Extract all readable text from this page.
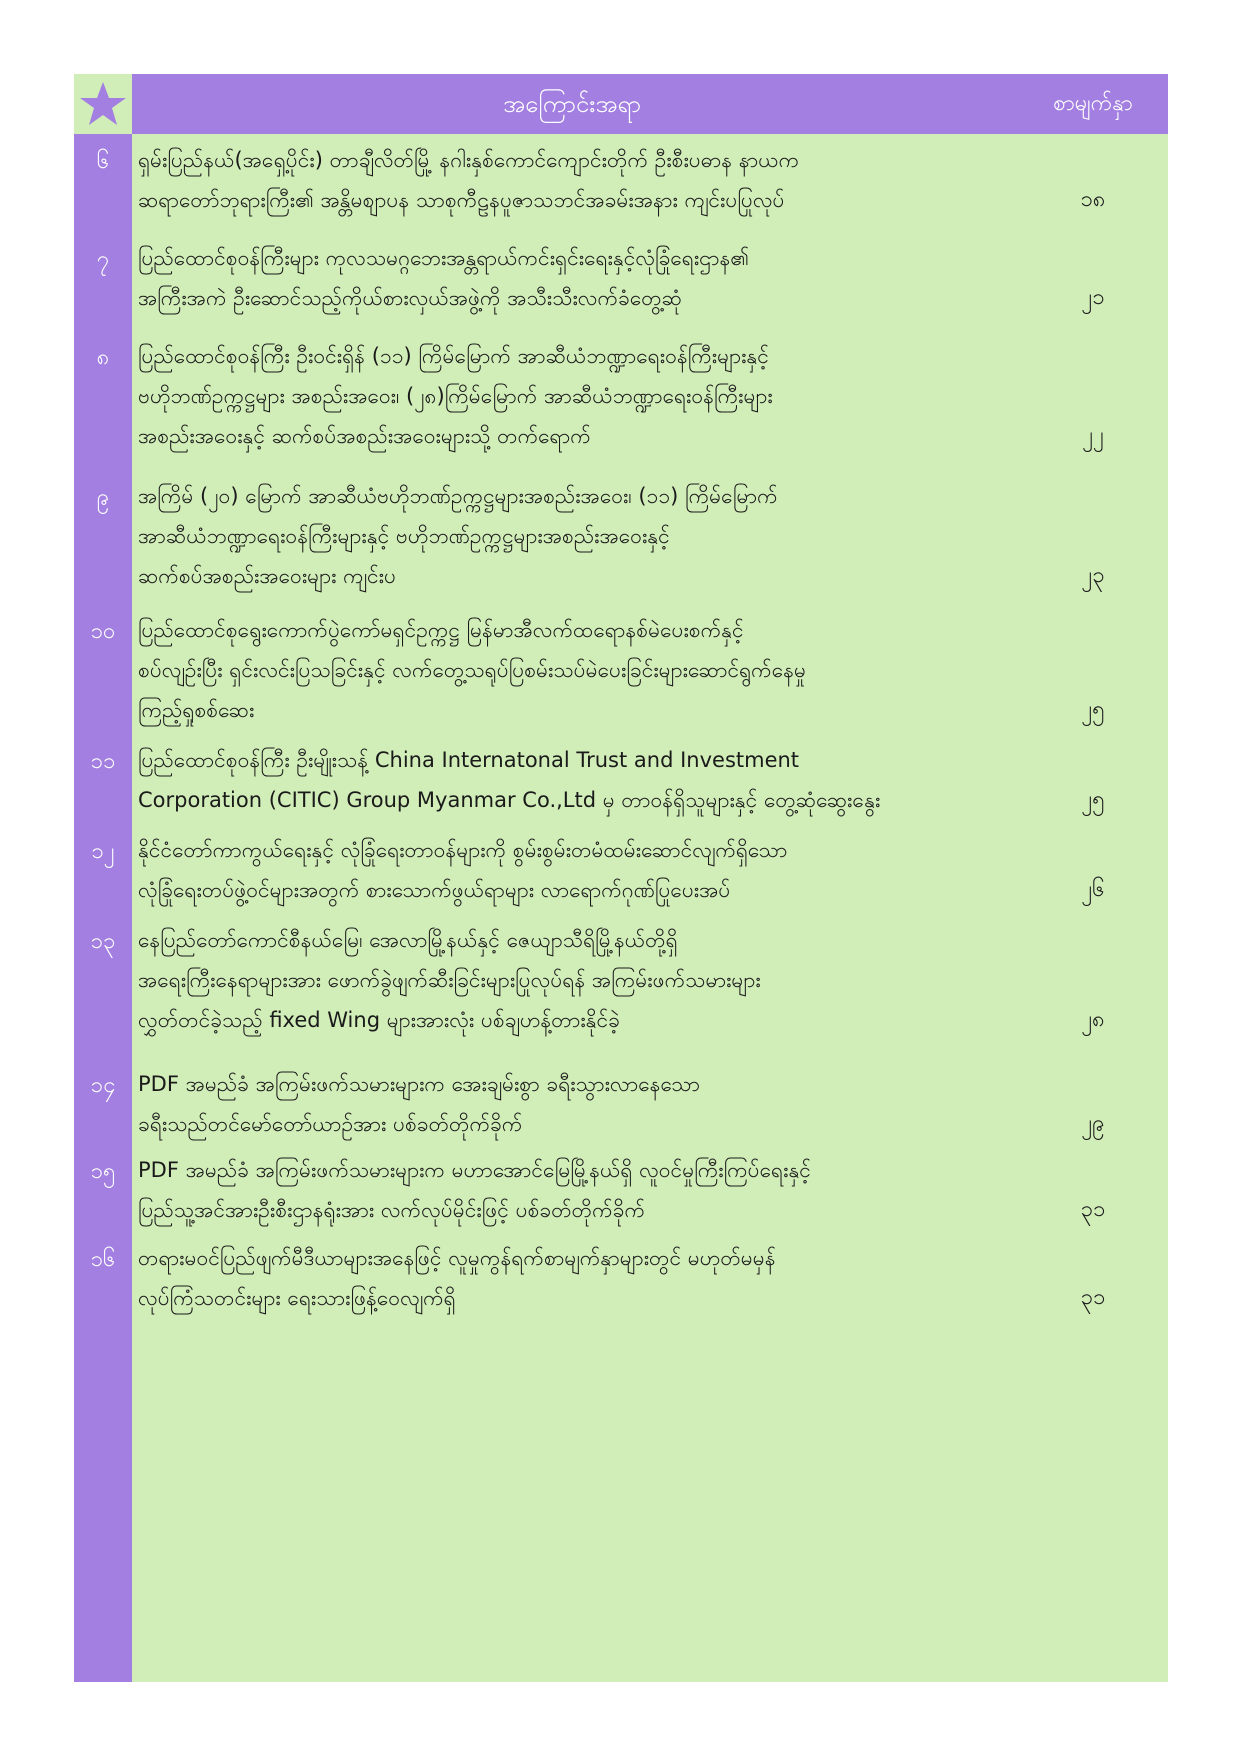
အကြောင်းအရာ	စာမျက်နှာ
၆	ရှမ်းပြည်နယ်(အရှေ့ပိုင်း) တာချီလိတ်မြို့ နဂါးနှစ်ကောင်ကျောင်းတိုက် ဦးစီးပဓာန နာယက
ဆရာတော်ဘုရားကြီး၏ အန္တိမစျာပန သာစုကီဠနပူဇာသဘင်အခမ်းအနား ကျင်းပပြုလုပ်	၁၈
၇	ပြည်ထောင်စုဝန်ကြီးများ ကုလသမဂ္ဂဘေးအန္တရာယ်ကင်းရှင်းရေးနှင့်လုံခြုံရေးဌာန၏
အကြီးအကဲ ဦးဆောင်သည့်ကိုယ်စားလှယ်အဖွဲ့ကို အသီးသီးလက်ခံတွေ့ဆုံ	၂၁
၈	ပြည်ထောင်စုဝန်ကြီး ဦးဝင်းရှိန် (၁၁) ကြိမ်မြောက် အာဆီယံဘဏ္ဍာရေးဝန်ကြီးများနှင့်
ဗဟိုဘဏ်ဥက္ကဋ္ဌများ အစည်းအဝေး၊ (၂၈)ကြိမ်မြောက် အာဆီယံဘဏ္ဍာရေးဝန်ကြီးများ
အစည်းအဝေးနှင့် ဆက်စပ်အစည်းအဝေးများသို့ တက်ရောက်	၂၂
၉	အကြိမ် (၂၀) မြောက် အာဆီယံဗဟိုဘဏ်ဥက္ကဋ္ဌများအစည်းအဝေး၊ (၁၁) ကြိမ်မြောက်
အာဆီယံဘဏ္ဍာရေးဝန်ကြီးများနှင့် ဗဟိုဘဏ်ဥက္ကဋ္ဌများအစည်းအဝေးနှင့်
ဆက်စပ်အစည်းအဝေးများ ကျင်းပ	၂၃
၁၀	ပြည်ထောင်စုရွေးကောက်ပွဲကော်မရှင်ဥက္ကဋ္ဌ မြန်မာအီလက်ထရောနစ်မဲပေးစက်နှင့်
စပ်လျဉ်းပြီး ရှင်းလင်းပြသခြင်းနှင့် လက်တွေ့သရုပ်ပြစမ်းသပ်မဲပေးခြင်းများဆောင်ရွက်နေမှု
ကြည့်ရှုစစ်ဆေး	၂၅
၁၁	ပြည်ထောင်စုဝန်ကြီး ဦးမျိုးသန့် China Internatonal Trust and Investment
Corporation (CITIC) Group Myanmar Co.,Ltd မှ တာဝန်ရှိသူများနှင့် တွေ့ဆုံဆွေးနွေး	၂၅
၁၂	နိုင်ငံတော်ကာကွယ်ရေးနှင့် လုံခြုံရေးတာဝန်များကို စွမ်းစွမ်းတမံထမ်းဆောင်လျက်ရှိသော
လုံခြုံရေးတပ်ဖွဲ့ဝင်များအတွက် စားသောက်ဖွယ်ရာများ လာရောက်ဂုဏ်ပြုပေးအပ်	၂၆
၁၃	နေပြည်တော်ကောင်စီနယ်မြေ၊ အေလာမြို့နယ်နှင့် ဇေယျာသီရိမြို့နယ်တို့ရှိ
အရေးကြီးနေရာများအား ဖောက်ခွဲဖျက်ဆီးခြင်းများပြုလုပ်ရန် အကြမ်းဖက်သမားများ
လွှတ်တင်ခဲ့သည့် fixed Wing များအားလုံး ပစ်ချဟန့်တားနိုင်ခဲ့	၂၈
၁၄	PDF အမည်ခံ အကြမ်းဖက်သမားများက အေးချမ်းစွာ ခရီးသွားလာနေသော
ခရီးသည်တင်မော်တော်ယာဉ်အား ပစ်ခတ်တိုက်ခိုက်	၂၉
၁၅	PDF အမည်ခံ အကြမ်းဖက်သမားများက မဟာအောင်မြေမြို့နယ်ရှိ လူဝင်မှုကြီးကြပ်ရေးနှင့်
ပြည်သူ့အင်အားဦးစီးဌာနရုံးအား လက်လုပ်မိုင်းဖြင့် ပစ်ခတ်တိုက်ခိုက်	၃၁
၁၆	တရားမဝင်ပြည်ဖျက်မီဒီယာများအနေဖြင့် လူမှုကွန်ရက်စာမျက်နှာများတွင် မဟုတ်မမှန်
လုပ်ကြံသတင်းများ ရေးသားဖြန့်ဝေလျက်ရှိ	၃၁
